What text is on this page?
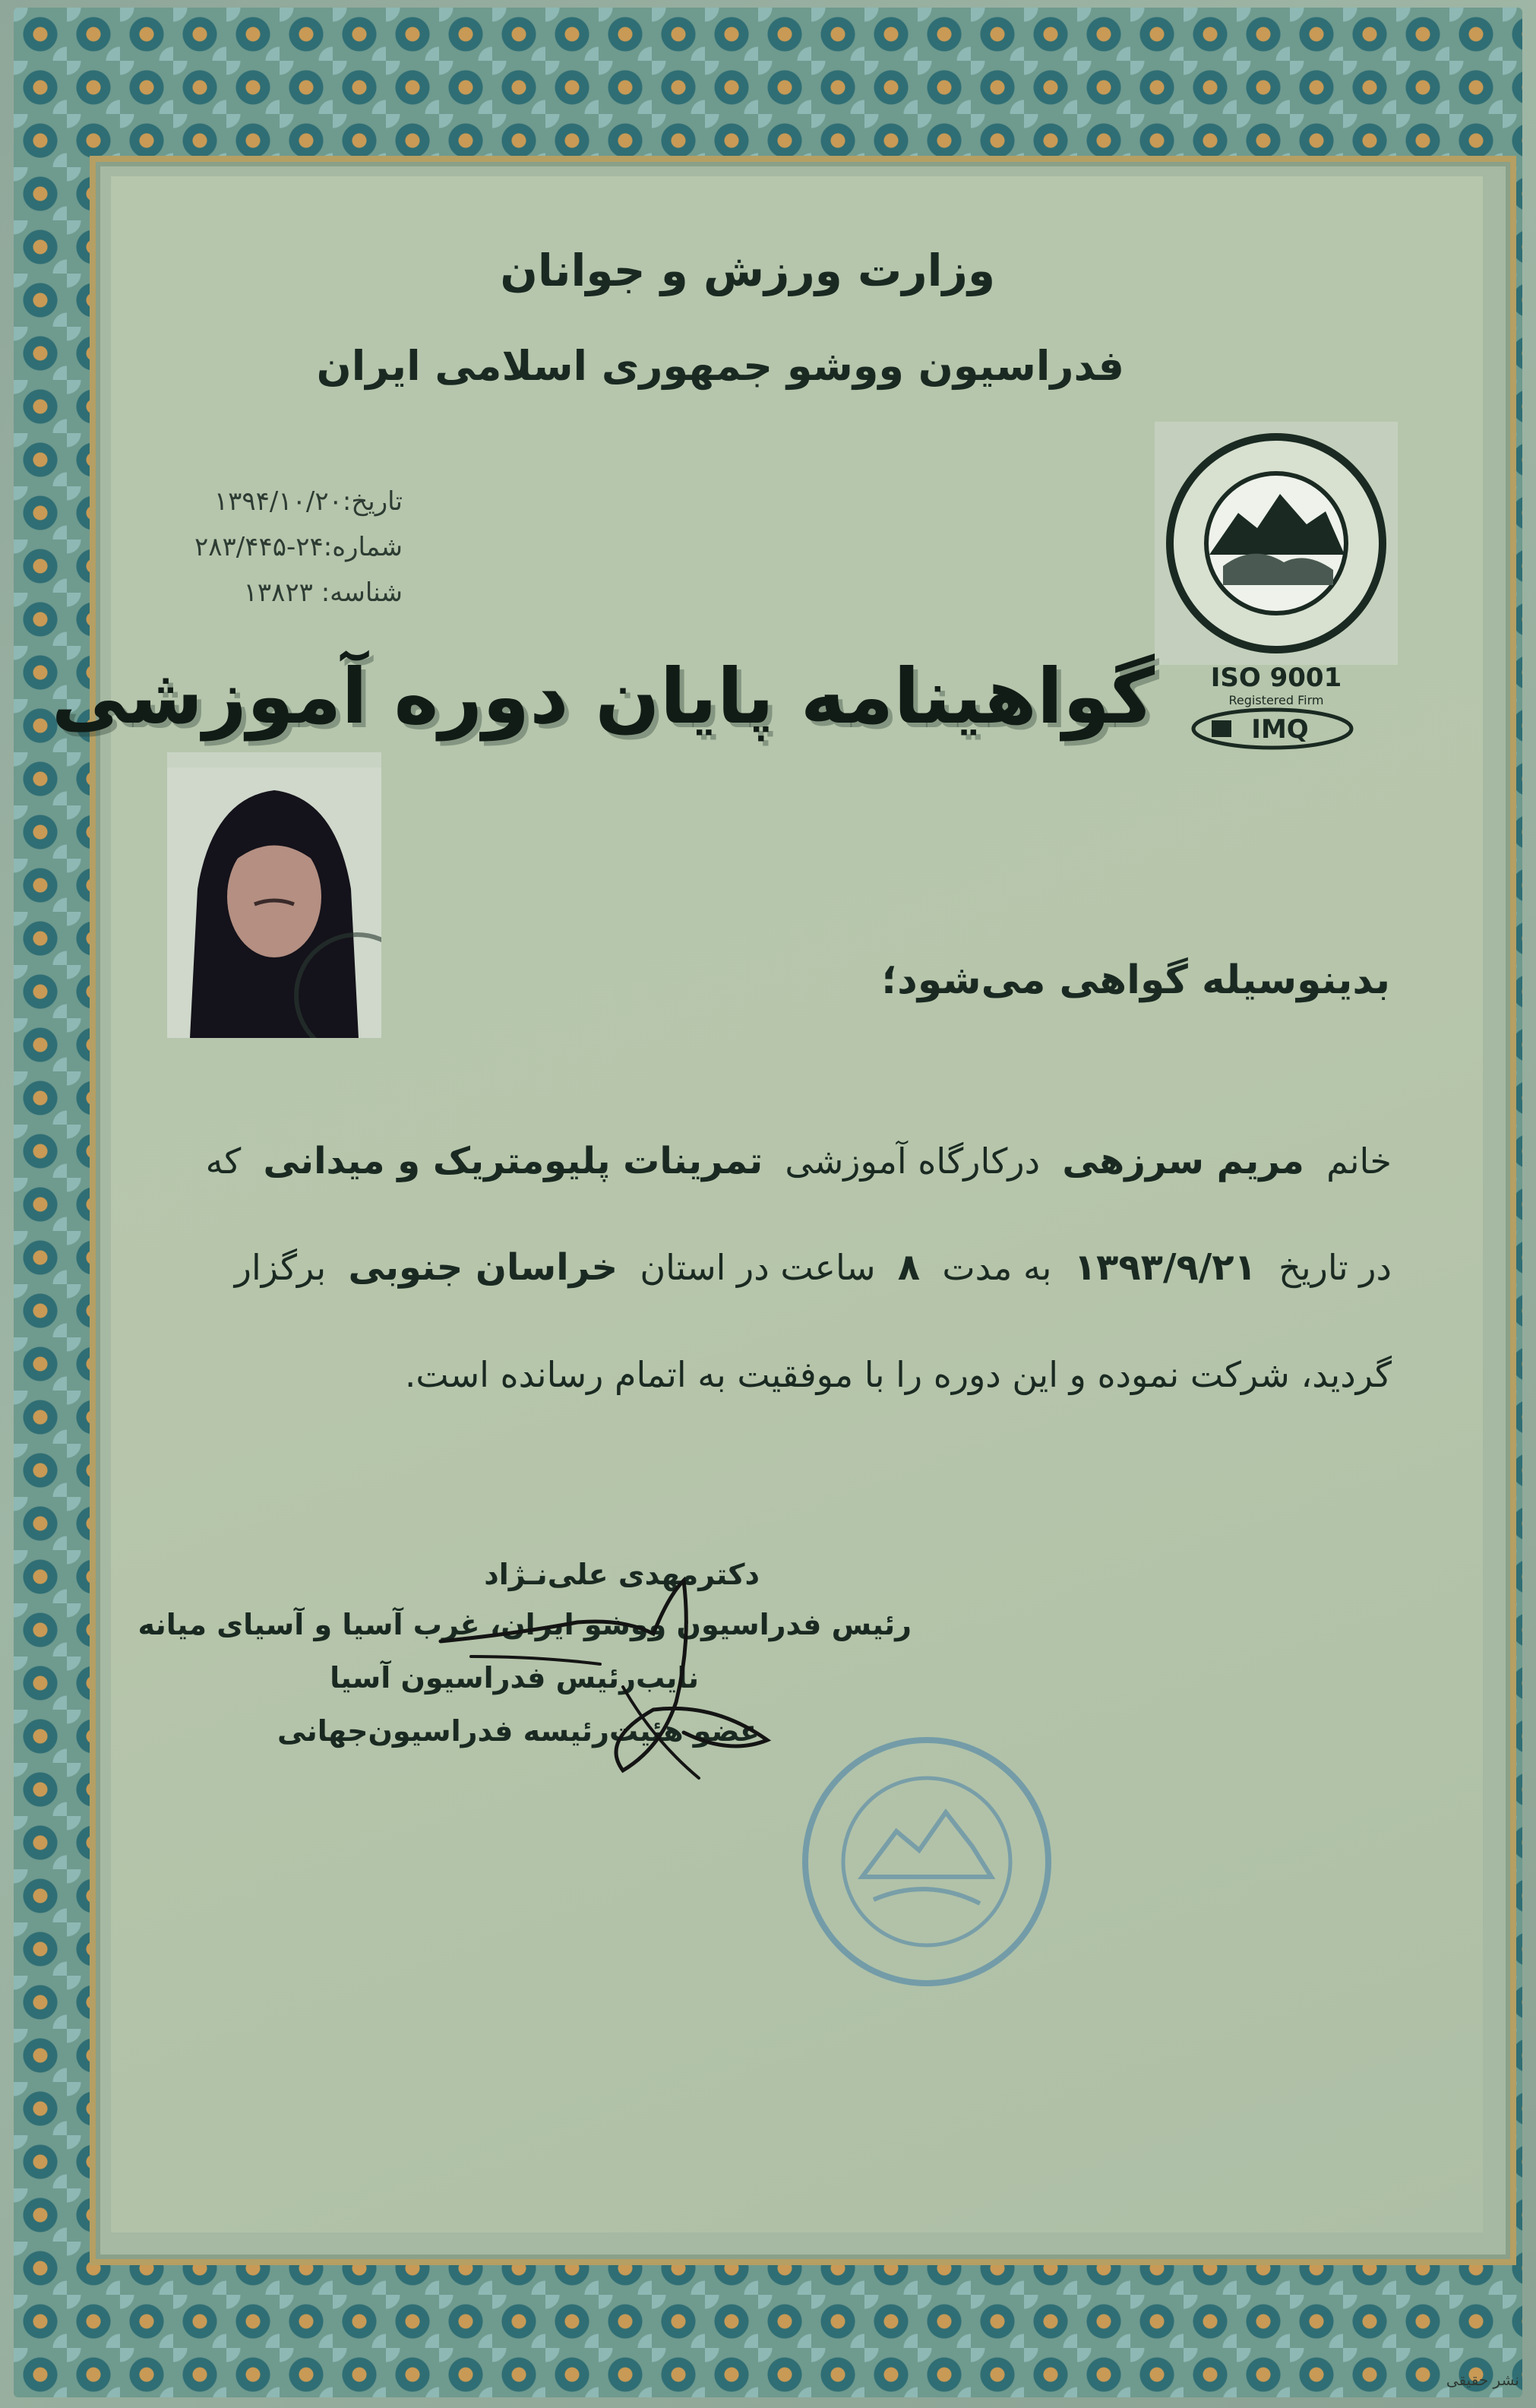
وزارت ورزش و جوانان
فدراسیون ووشو جمهوری اسلامی ایران
تاریخ:۱۳۹۴/۱۰/۲۰
شماره:۲۴-۲۸۳/۴۴۵
شناسه: ۱۳۸۲۳
ISO 9001
Registered Firm
IMQ
گواهینامه پایان دوره آموزشی
بدینوسیله گواهی می‌شود؛
خانم  مریم سرزهی  درکارگاه آموزشی  تمرینات پلیومتریک و میدانی  که
در تاریخ  ۱۳۹۳/۹/۲۱  به مدت  ۸  ساعت در استان  خراسان جنوبی  برگزار
گردید، شرکت نموده و این دوره را با موفقیت به اتمام رسانده است.
دکترمهدی علی‌نـژاد
رئیس فدراسیون ووشو ایران، غرب آسیا و آسیای میانه
نایب‌رئیس فدراسیون آسیا
عضو هئیت‌رئیسه فدراسیون‌جهانی
نشر حقیقی
